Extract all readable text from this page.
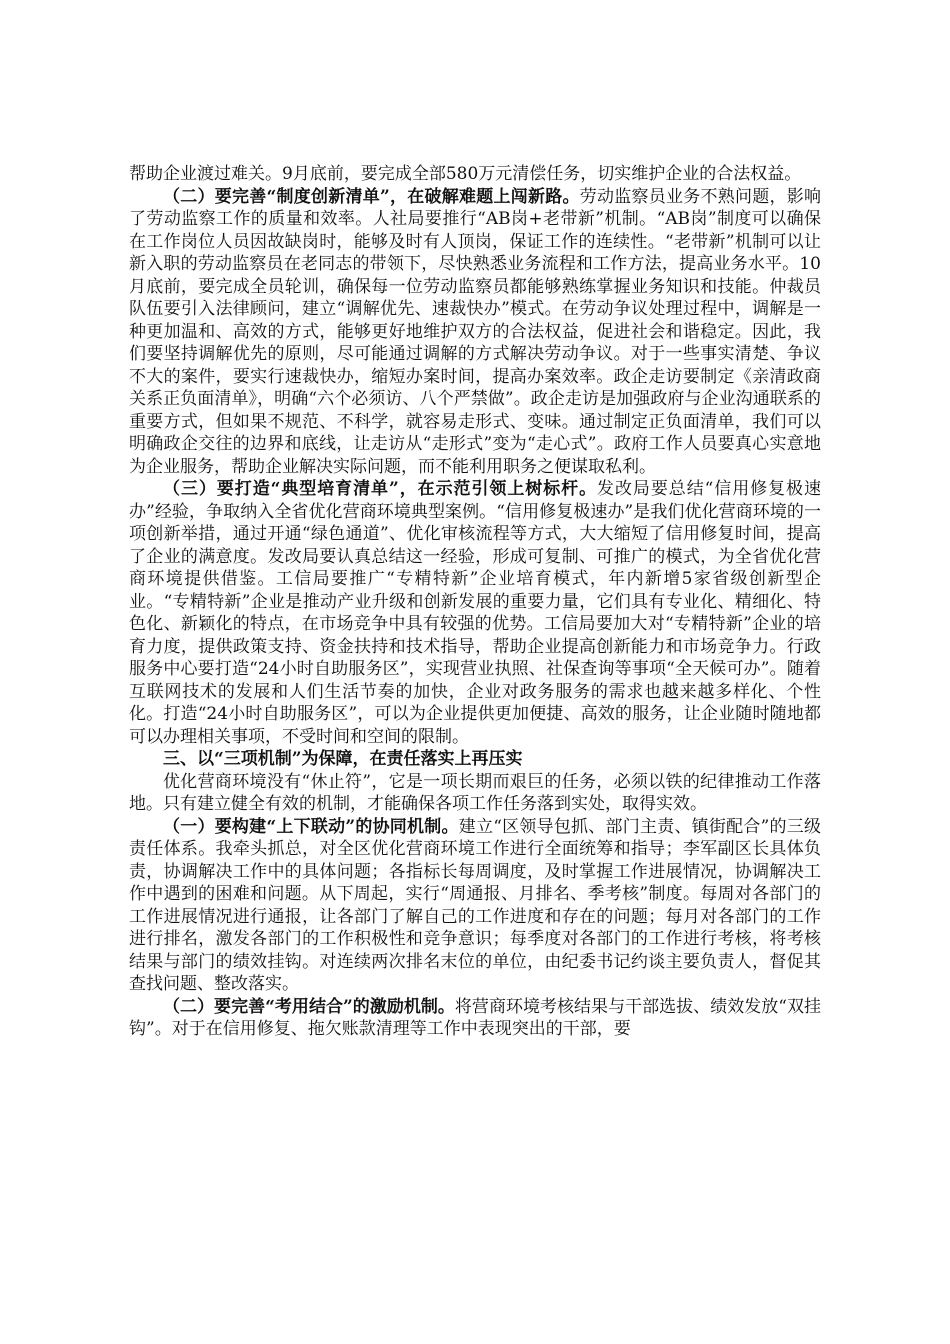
帮助企业渡过难关。9月底前，要完成全部580万元清偿任务，切实维护企业的合法权益。

（二）要完善“制度创新清单”，在破解难题上闯新路。劳动监察员业务不熟问题，影响了劳动监察工作的质量和效率。人社局要推行“AB岗+老带新”机制。“AB岗”制度可以确保在工作岗位人员因故缺岗时，能够及时有人顶岗，保证工作的连续性。“老带新”机制可以让新入职的劳动监察员在老同志的带领下，尽快熟悉业务流程和工作方法，提高业务水平。10月底前，要完成全员轮训，确保每一位劳动监察员都能够熟练掌握业务知识和技能。仲裁员队伍要引入法律顾问，建立“调解优先、速裁快办”模式。在劳动争议处理过程中，调解是一种更加温和、高效的方式，能够更好地维护双方的合法权益，促进社会和谐稳定。因此，我们要坚持调解优先的原则，尽可能通过调解的方式解决劳动争议。对于一些事实清楚、争议不大的案件，要实行速裁快办，缩短办案时间，提高办案效率。政企走访要制定《亲清政商关系正负面清单》，明确“六个必须访、八个严禁做”。政企走访是加强政府与企业沟通联系的重要方式，但如果不规范、不科学，就容易走形式、变味。通过制定正负面清单，我们可以明确政企交往的边界和底线，让走访从“走形式”变为“走心式”。政府工作人员要真心实意地为企业服务，帮助企业解决实际问题，而不能利用职务之便谋取私利。

（三）要打造“典型培育清单”，在示范引领上树标杆。发改局要总结“信用修复极速办”经验，争取纳入全省优化营商环境典型案例。“信用修复极速办”是我们优化营商环境的一项创新举措，通过开通“绿色通道”、优化审核流程等方式，大大缩短了信用修复时间，提高了企业的满意度。发改局要认真总结这一经验，形成可复制、可推广的模式，为全省优化营商环境提供借鉴。工信局要推广“专精特新”企业培育模式，年内新增5家省级创新型企业。“专精特新”企业是推动产业升级和创新发展的重要力量，它们具有专业化、精细化、特色化、新颖化的特点，在市场竞争中具有较强的优势。工信局要加大对“专精特新”企业的培育力度，提供政策支持、资金扶持和技术指导，帮助企业提高创新能力和市场竞争力。行政服务中心要打造“24小时自助服务区”，实现营业执照、社保查询等事项“全天候可办”。随着互联网技术的发展和人们生活节奏的加快，企业对政务服务的需求也越来越多样化、个性化。打造“24小时自助服务区”，可以为企业提供更加便捷、高效的服务，让企业随时随地都可以办理相关事项，不受时间和空间的限制。

三、以“三项机制”为保障，在责任落实上再压实

优化营商环境没有“休止符”，它是一项长期而艰巨的任务，必须以铁的纪律推动工作落地。只有建立健全有效的机制，才能确保各项工作任务落到实处，取得实效。

（一）要构建“上下联动”的协同机制。建立“区领导包抓、部门主责、镇街配合”的三级责任体系。我牵头抓总，对全区优化营商环境工作进行全面统筹和指导；李军副区长具体负责，协调解决工作中的具体问题；各指标长每周调度，及时掌握工作进展情况，协调解决工作中遇到的困难和问题。从下周起，实行“周通报、月排名、季考核”制度。每周对各部门的工作进展情况进行通报，让各部门了解自己的工作进度和存在的问题；每月对各部门的工作进行排名，激发各部门的工作积极性和竞争意识；每季度对各部门的工作进行考核，将考核结果与部门的绩效挂钩。对连续两次排名末位的单位，由纪委书记约谈主要负责人，督促其查找问题、整改落实。

（二）要完善“考用结合”的激励机制。将营商环境考核结果与干部选拔、绩效发放“双挂钩”。对于在信用修复、拖欠账款清理等工作中表现突出的干部，要
